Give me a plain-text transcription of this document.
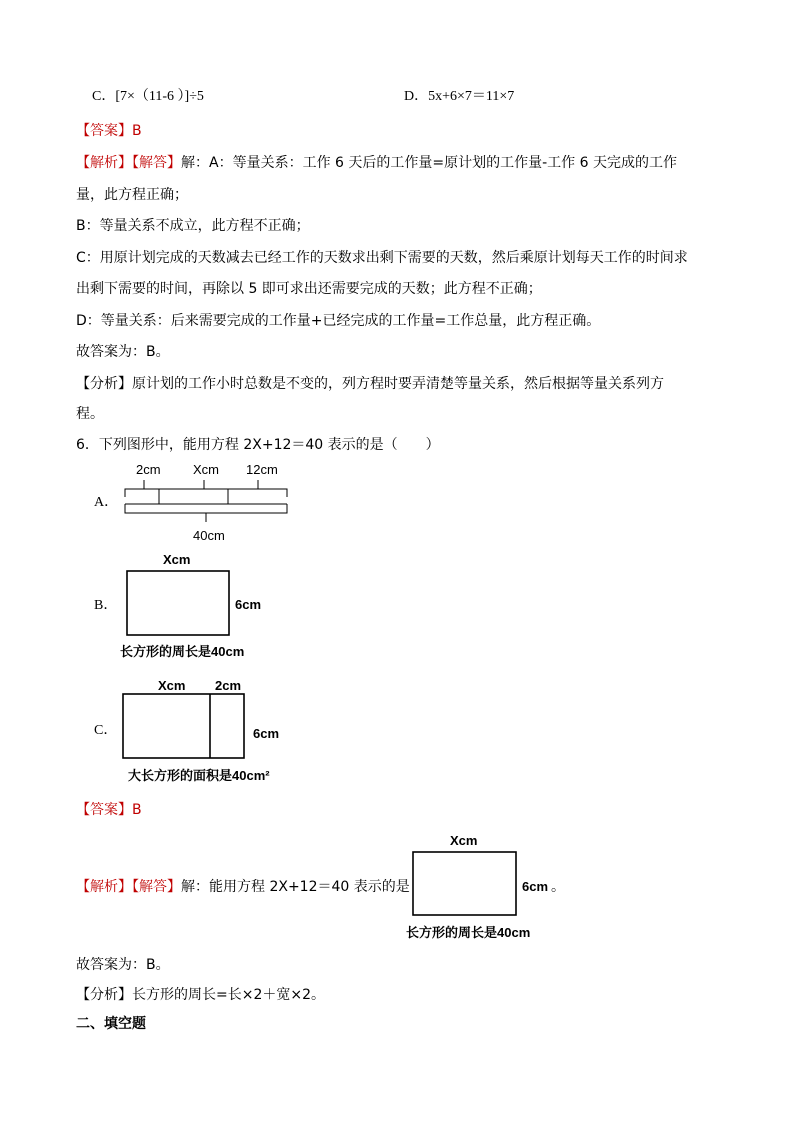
C．[7×（11-6 ）]÷5	D．5x+6×7＝11×7
【答案】B
【解析】【解答】解：A：等量关系：工作 6 天后的工作量=原计划的工作量-工作 6 天完成的工作
量，此方程正确；
B：等量关系不成立，此方程不正确；
C：用原计划完成的天数减去已经工作的天数求出剩下需要的天数，然后乘原计划每天工作的时间求
出剩下需要的时间，再除以 5 即可求出还需要完成的天数；此方程不正确；
D：等量关系：后来需要完成的工作量+已经完成的工作量=工作总量，此方程正确。
故答案为：B。
【分析】原计划的工作小时总数是不变的，列方程时要弄清楚等量关系，然后根据等量关系列方
程。
6．下列图形中，能用方程 2X+12＝40 表示的是（　　）
A．
2cm Xcm 12cm
40cm
B．
Xcm
6cm
长方形的周长是40cm
C．
Xcm 2cm
6cm
大长方形的面积是40cm²
【答案】B
【解析】【解答】解：能用方程 2X+12＝40 表示的是
Xcm
6cm 。
长方形的周长是40cm
故答案为：B。
【分析】长方形的周长=长×2＋宽×2。
二、填空题
